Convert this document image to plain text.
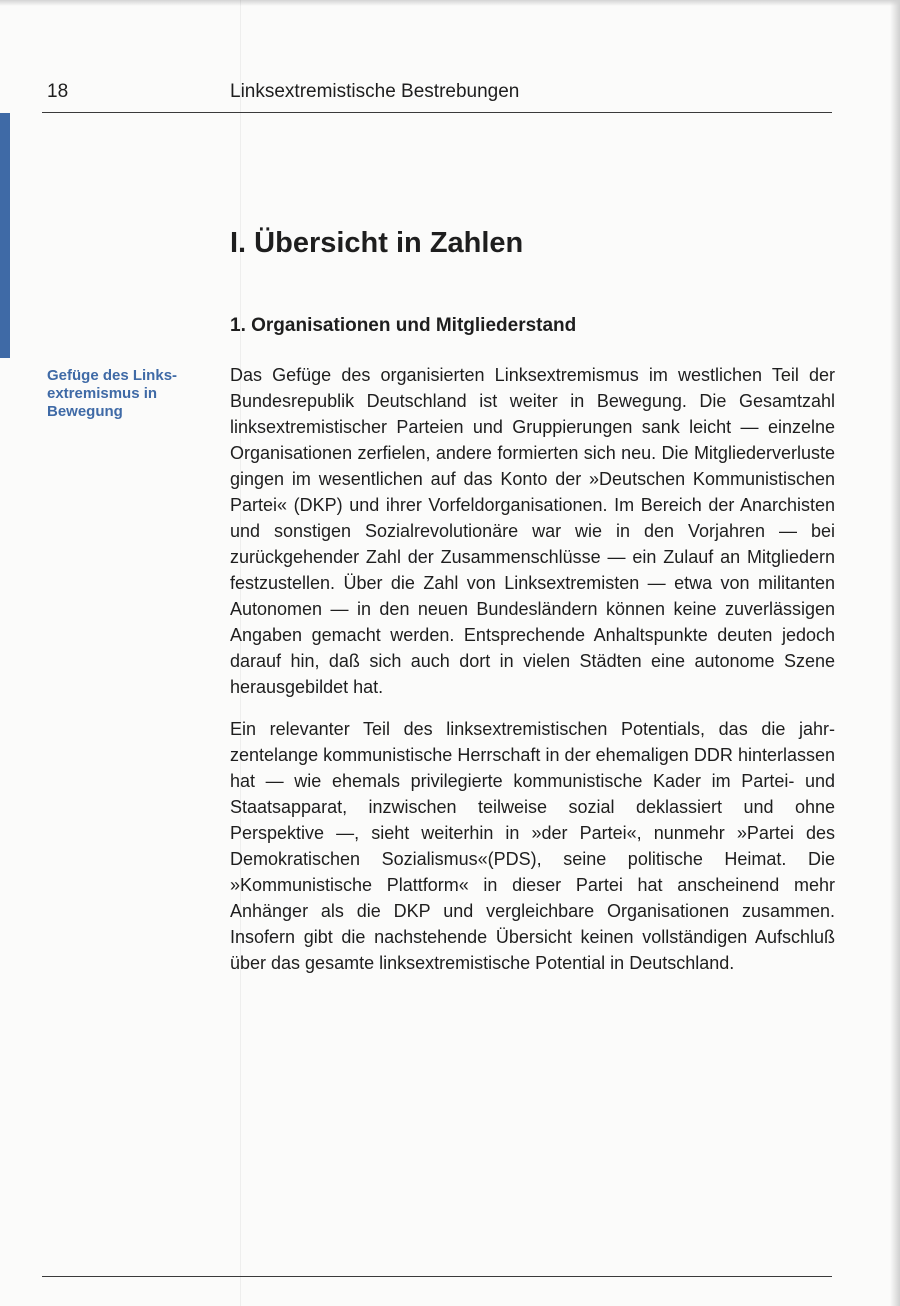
18	Linksextremistische Bestrebungen
I. Übersicht in Zahlen
1. Organisationen und Mitgliederstand

Gefüge des Linksextremismus in Bewegung

Das Gefüge des organisierten Linksextremismus im westlichen Teil der Bundesrepublik Deutschland ist weiter in Bewegung. Die Gesamtzahl linksextremistischer Parteien und Gruppierungen sank leicht — einzelne Organisationen zerfielen, andere formierten sich neu. Die Mitgliederverluste gingen im wesentlichen auf das Konto der »Deutschen Kommunistischen Partei« (DKP) und ihrer Vorfeldorganisationen. Im Bereich der Anarchisten und sonstigen Sozialrevolutionäre war wie in den Vorjahren — bei zurückgehender Zahl der Zusammenschlüsse — ein Zulauf an Mitgliedern festzustellen. Über die Zahl von Linksextremisten — etwa von militanten Autonomen — in den neuen Bundesländern können keine zuverlässigen Angaben gemacht werden. Entsprechende Anhaltspunkte deuten jedoch darauf hin, daß sich auch dort in vielen Städten eine autonome Szene herausgebildet hat.

Ein relevanter Teil des linksextremistischen Potentials, das die jahrzentelange kommunistische Herrschaft in der ehemaligen DDR hinterlassen hat — wie ehemals privilegierte kommunistische Kader im Partei- und Staatsapparat, inzwischen teilweise sozial deklassiert und ohne Perspektive —, sieht weiterhin in »der Partei«, nunmehr »Partei des Demokratischen Sozialismus«(PDS), seine politische Heimat. Die »Kommunistische Plattform« in dieser Partei hat anscheinend mehr Anhänger als die DKP und vergleichbare Organisationen zusammen. Insofern gibt die nachstehende Übersicht keinen vollständigen Aufschluß über das gesamte linksextremistische Potential in Deutschland.
